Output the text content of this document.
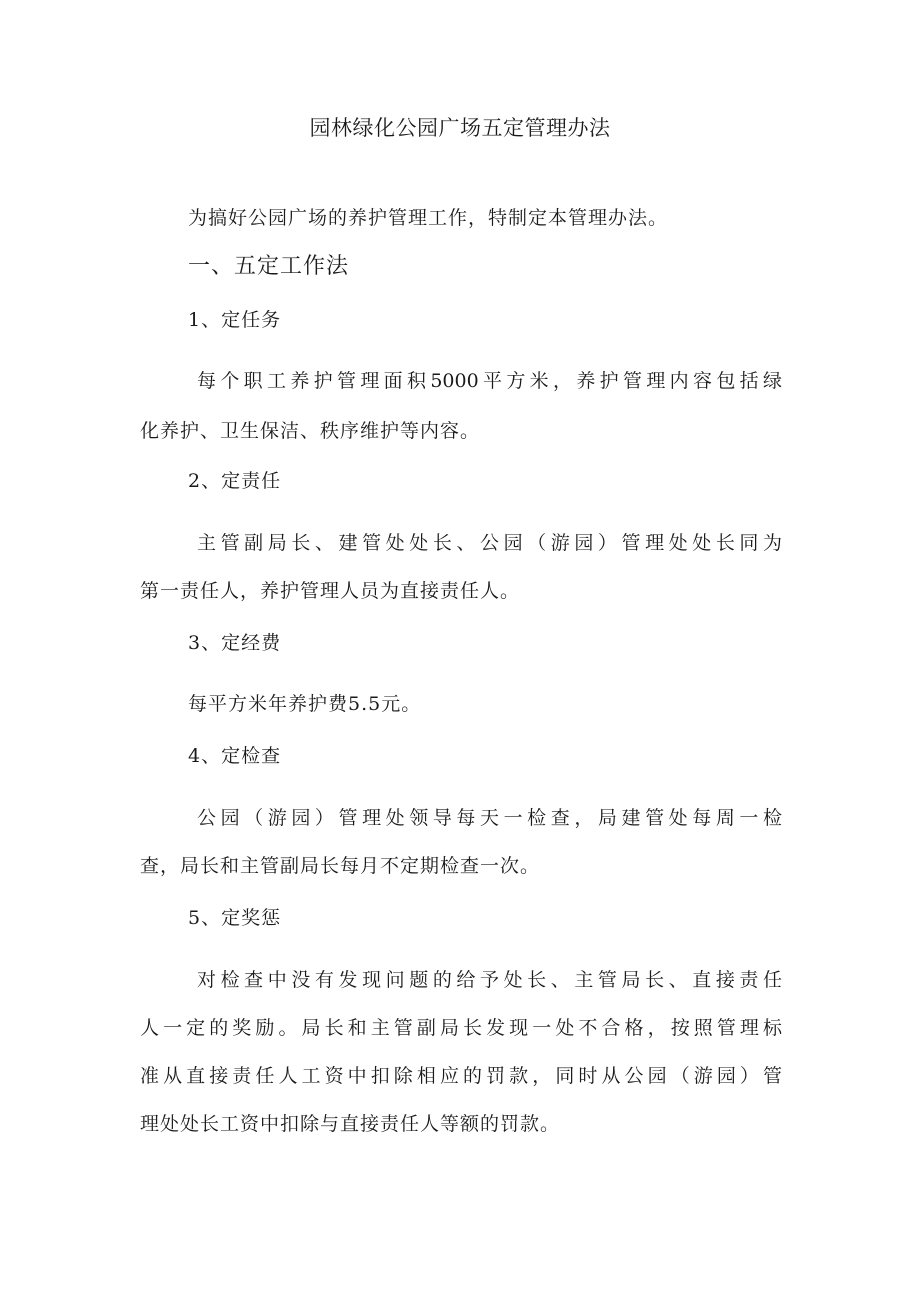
园林绿化公园广场五定管理办法
为搞好公园广场的养护管理工作，特制定本管理办法。
一、五定工作法
1、定任务
每个职工养护管理面积5000平方米，养护管理内容包括绿
化养护、卫生保洁、秩序维护等内容。
2、定责任
主管副局长、建管处处长、公园（游园）管理处处长同为
第一责任人，养护管理人员为直接责任人。
3、定经费
每平方米年养护费5.5元。
4、定检查
公园（游园）管理处领导每天一检查，局建管处每周一检
查，局长和主管副局长每月不定期检查一次。
5、定奖惩
对检查中没有发现问题的给予处长、主管局长、直接责任
人一定的奖励。局长和主管副局长发现一处不合格，按照管理标
准从直接责任人工资中扣除相应的罚款，同时从公园（游园）管
理处处长工资中扣除与直接责任人等额的罚款。
